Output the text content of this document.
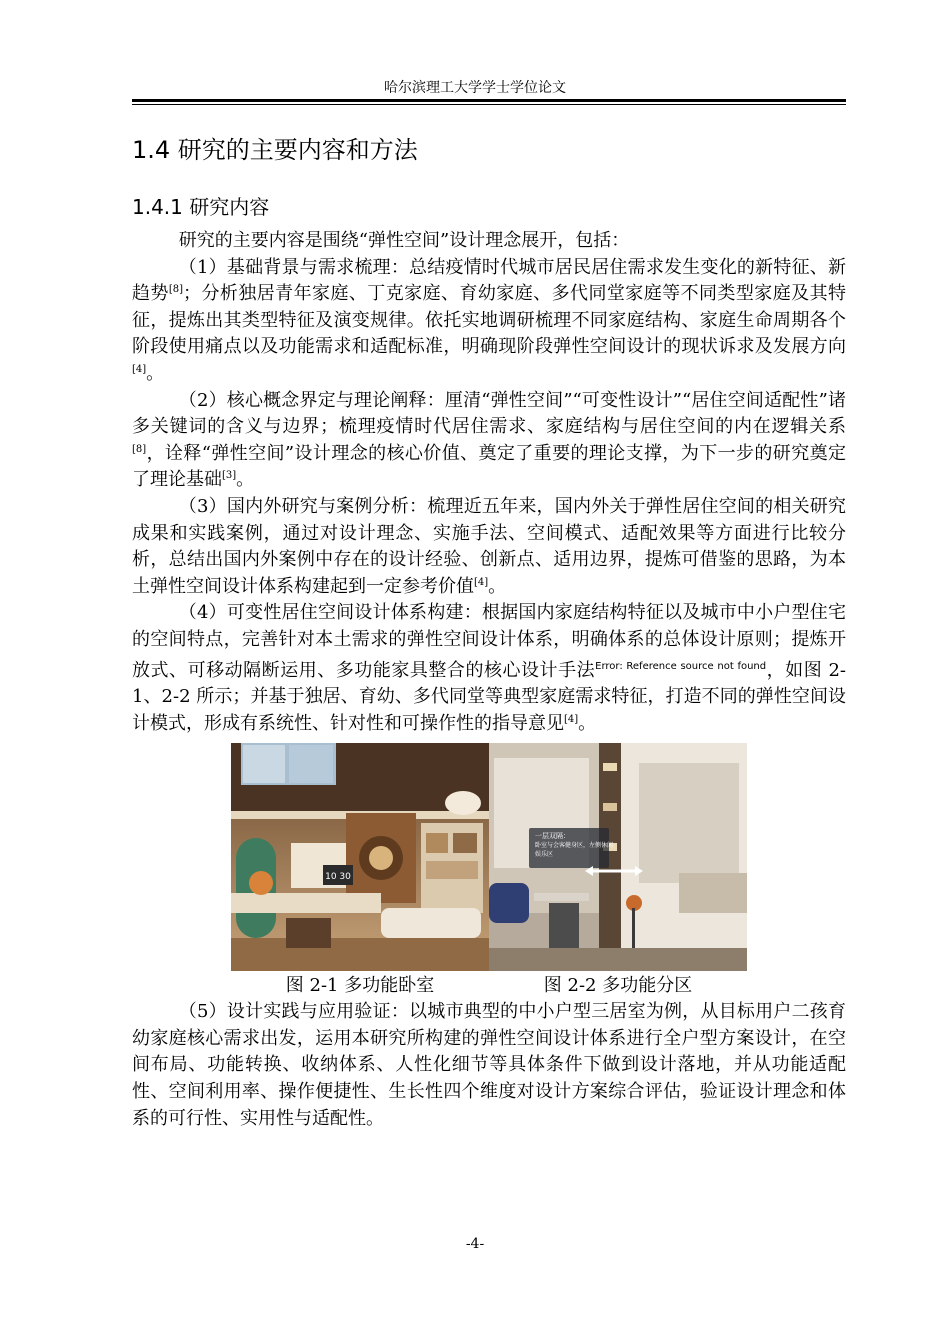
哈尔滨理工大学学士学位论文
1.4 研究的主要内容和方法
1.4.1 研究内容

研究的主要内容是围绕“弹性空间”设计理念展开，包括：

（1）基础背景与需求梳理：总结疫情时代城市居民居住需求发生变化的新特征、新趋势[8]；分析独居青年家庭、丁克家庭、育幼家庭、多代同堂家庭等不同类型家庭及其特征，提炼出其类型特征及演变规律。依托实地调研梳理不同家庭结构、家庭生命周期各个阶段使用痛点以及功能需求和适配标准，明确现阶段弹性空间设计的现状诉求及发展方向[4]。

（2）核心概念界定与理论阐释：厘清“弹性空间”“可变性设计”“居住空间适配性”诸多关键词的含义与边界；梳理疫情时代居住需求、家庭结构与居住空间的内在逻辑关系[8]，诠释“弹性空间”设计理念的核心价值、奠定了重要的理论支撑，为下一步的研究奠定了理论基础[3]。

（3）国内外研究与案例分析：梳理近五年来，国内外关于弹性居住空间的相关研究成果和实践案例，通过对设计理念、实施手法、空间模式、适配效果等方面进行比较分析，总结出国内外案例中存在的设计经验、创新点、适用边界，提炼可借鉴的思路，为本土弹性空间设计体系构建起到一定参考价值[4]。

（4）可变性居住空间设计体系构建：根据国内家庭结构特征以及城市中小户型住宅的空间特点，完善针对本土需求的弹性空间设计体系，明确体系的总体设计原则；提炼开放式、可移动隔断运用、多功能家具整合的核心设计手法$^{Error: Reference source not found}$，如图 2-1、2-2 所示；并基于独居、育幼、多代同堂等典型家庭需求特征，打造不同的弹性空间设计模式，形成有系统性、针对性和可操作性的指导意见[4]。

10 30
一层双隔：
卧室与会客健身区，左侧休闲
娱乐区
图 2-1 多功能卧室	图 2-2 多功能分区

（5）设计实践与应用验证：以城市典型的中小户型三居室为例，从目标用户二孩育幼家庭核心需求出发，运用本研究所构建的弹性空间设计体系进行全户型方案设计，在空间布局、功能转换、收纳体系、人性化细节等具体条件下做到设计落地，并从功能适配性、空间利用率、操作便捷性、生长性四个维度对设计方案综合评估，验证设计理念和体系的可行性、实用性与适配性。

-4-
